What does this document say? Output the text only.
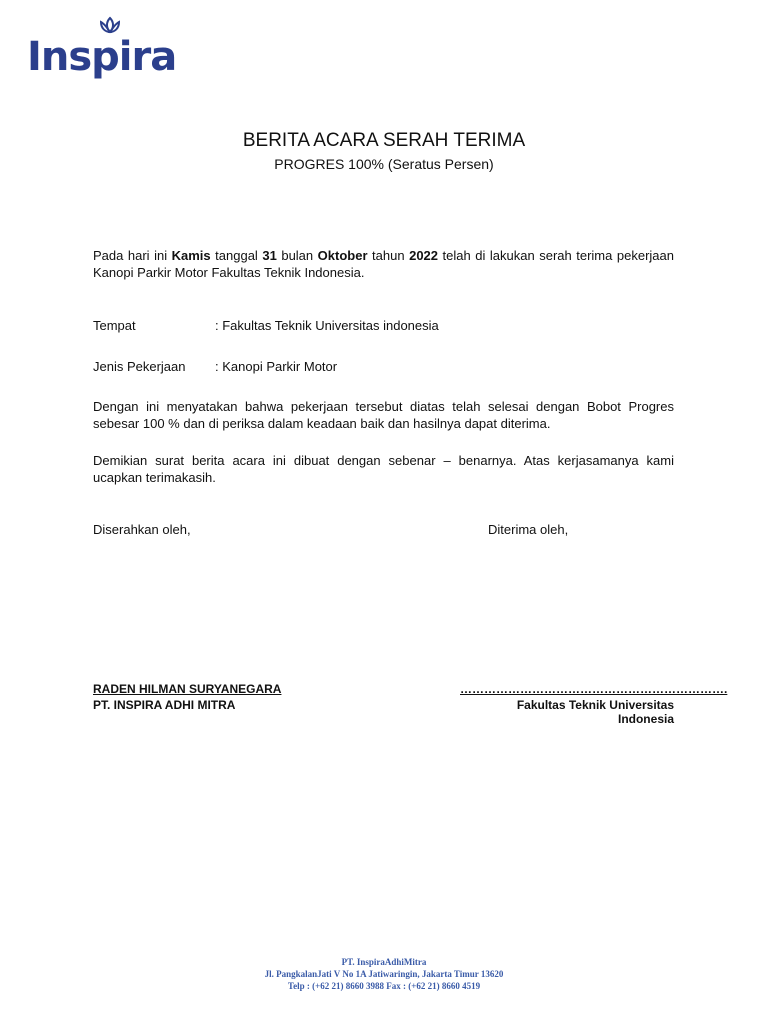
Inspira
BERITA ACARA SERAH TERIMA
PROGRES 100% (Seratus Persen)
Pada hari ini Kamis tanggal 31 bulan Oktober tahun 2022 telah di lakukan serah terima pekerjaan Kanopi Parkir Motor Fakultas Teknik Indonesia.
Tempat	: Fakultas Teknik Universitas indonesia
Jenis Pekerjaan : Kanopi Parkir Motor
Dengan ini menyatakan bahwa pekerjaan tersebut diatas telah selesai dengan Bobot Progres sebesar 100 % dan di periksa dalam keadaan baik dan hasilnya dapat diterima.
Demikian surat berita acara ini dibuat dengan sebenar – benarnya. Atas kerjasamanya kami ucapkan terimakasih.
Diserahkan oleh,	Diterima oleh,
RADEN HILMAN SURYANEGARA
PT. INSPIRA ADHI MITRA
………………………………………………………….
Fakultas Teknik Universitas Indonesia
PT. InspiraAdhiMitra
Jl. PangkalanJati V No 1A Jatiwaringin, Jakarta Timur 13620
Telp : (+62 21) 8660 3988 Fax : (+62 21) 8660 4519
